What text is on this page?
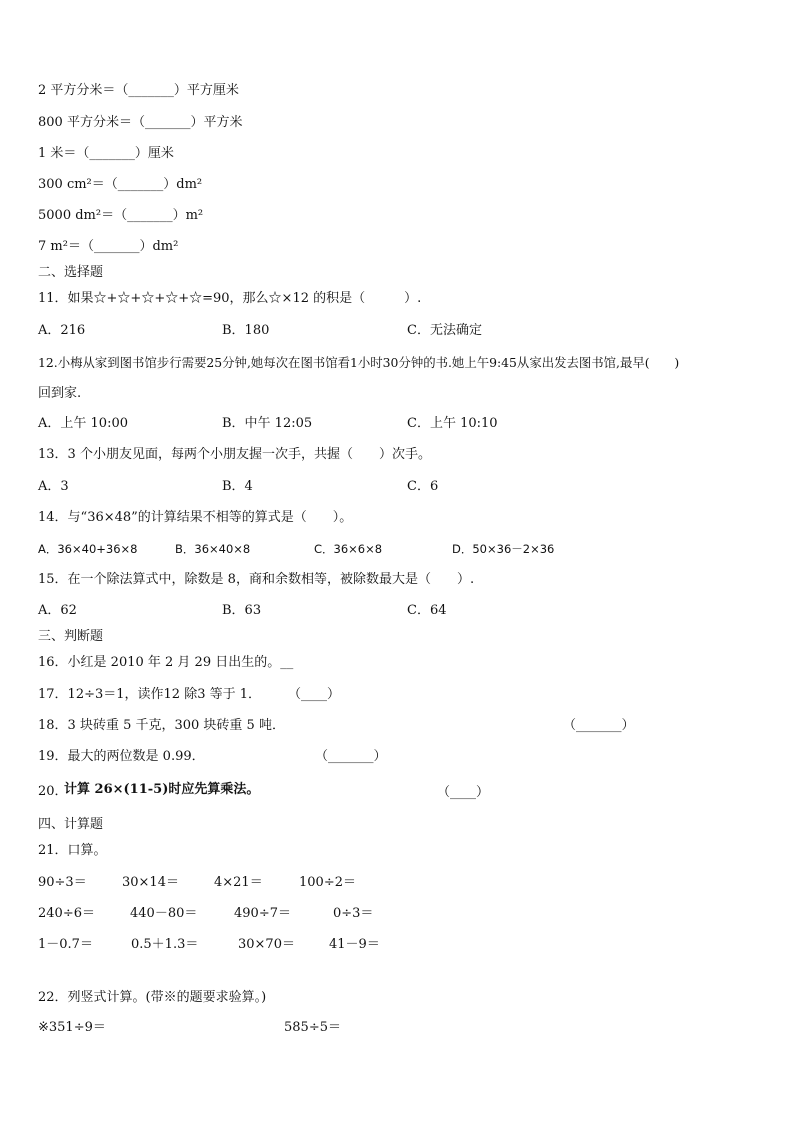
2 平方分米＝（_______）平方厘米
800 平方分米＝（_______）平方米
1 米＝（_______）厘米
300 cm²＝（_______）dm²
5000 dm²＝（_______）m²
7 m²＝（_______）dm²
二、选择题
11．如果☆+☆+☆+☆+☆=90，那么☆×12 的积是（　　　）.
A．216	B．180	C．无法确定
12.小梅从家到图书馆步行需要25分钟,她每次在图书馆看1小时30分钟的书.她上午9:45从家出发去图书馆,最早(　　)
回到家.
A．上午 10:00	B．中午 12:05	C．上午 10:10
13．3 个小朋友见面，每两个小朋友握一次手，共握（　　）次手。
A．3	B．4	C．6
14．与“36×48”的计算结果不相等的算式是（　　）。
A．36×40+36×8	B．36×40×8	C．36×6×8	D．50×36－2×36
15．在一个除法算式中，除数是 8，商和余数相等，被除数最大是（　　）.
A．62	B．63	C．64
三、判断题
16．小红是 2010 年 2 月 29 日出生的。__
17．12÷3＝1，读作12 除3 等于 1． （____）
18．3 块砖重 5 千克，300 块砖重 5 吨．	（_______）
19．最大的两位数是 0.99．	（_______）
20．
计算 26×(11-5)时应先算乘法。	（____）
四、计算题
21．口算。
90÷3＝	30×14＝	4×21＝	100÷2＝
240÷6＝	440－80＝	490÷7＝	0÷3＝
1－0.7＝	0.5＋1.3＝	30×70＝	41－9＝
22．列竖式计算。(带※的题要求验算。)
※351÷9＝	585÷5＝
